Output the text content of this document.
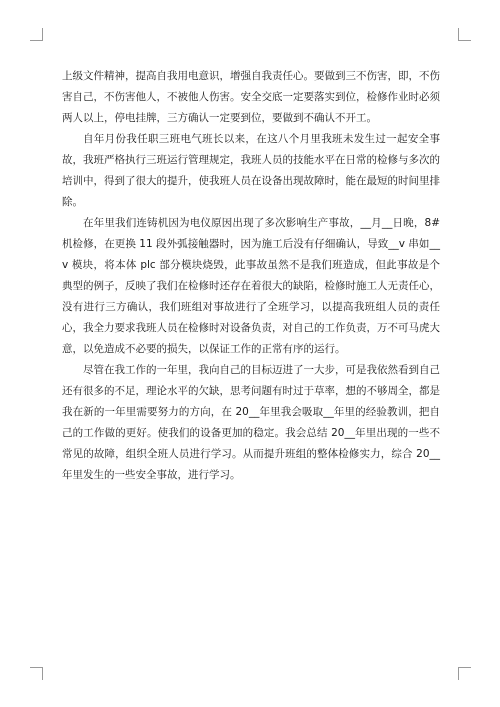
上级文件精神，提高自我用电意识，增强自我责任心。要做到三不伤害，即，不伤害自己，不伤害他人，不被他人伤害。安全交底一定要落实到位，检修作业时必须两人以上，停电挂牌，三方确认一定要到位，要做到不确认不开工。

自年月份我任职三班电气班长以来，在这八个月里我班未发生过一起安全事故，我班严格执行三班运行管理规定，我班人员的技能水平在日常的检修与多次的培训中，得到了很大的提升，使我班人员在设备出现故障时，能在最短的时间里排除。

在年里我们连铸机因为电仪原因出现了多次影响生产事故，__月__日晚，8#机检修，在更换 11 段外弧接触器时，因为施工后没有仔细确认，导致__v 串如__v 模块，将本体 plc 部分模块烧毁，此事故虽然不是我们班造成，但此事故是个典型的例子，反映了我们在检修时还存在着很大的缺陷，检修时施工人无责任心，没有进行三方确认，我们班组对事故进行了全班学习，以提高我班组人员的责任心，我全力要求我班人员在检修时对设备负责，对自己的工作负责，万不可马虎大意，以免造成不必要的损失，以保证工作的正常有序的运行。

尽管在我工作的一年里，我向自己的目标迈进了一大步，可是我依然看到自己还有很多的不足，理论水平的欠缺，思考问题有时过于草率，想的不够周全，都是我在新的一年里需要努力的方向，在 20__年里我会吸取__年里的经验教训，把自己的工作做的更好。使我们的设备更加的稳定。我会总结 20__年里出现的一些不常见的故障，组织全班人员进行学习。从而提升班组的整体检修实力，综合 20__年里发生的一些安全事故，进行学习。
